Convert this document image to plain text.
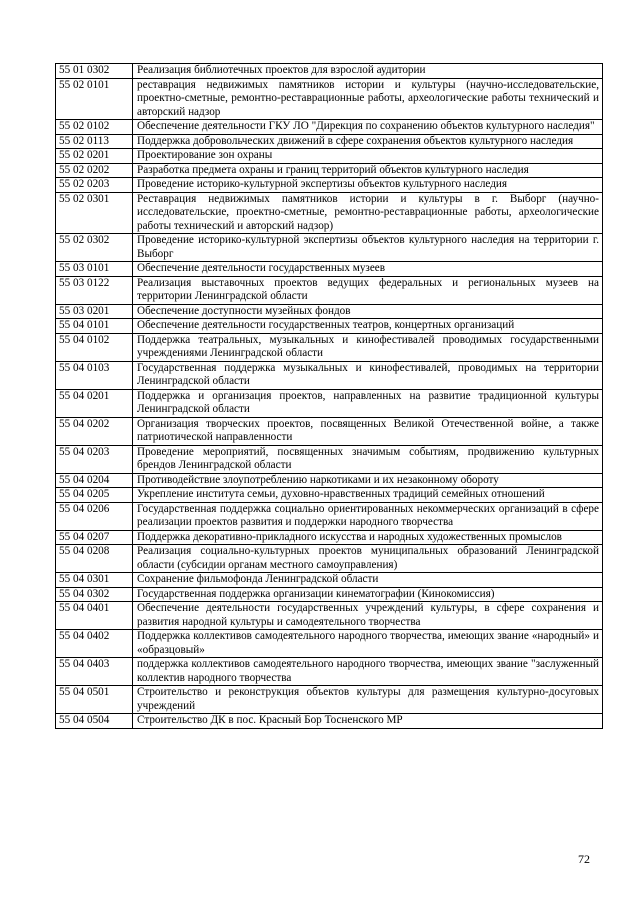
55 01 0302	Реализация библиотечных проектов для взрослой аудитории
55 02 0101	реставрация недвижимых памятников истории и культуры (научно-исследовательские, проектно-сметные, ремонтно-реставрационные работы, археологические работы технический и авторский надзор
55 02 0102	Обеспечение деятельности ГКУ ЛО "Дирекция по сохранению объектов культурного наследия"
55 02 0113	Поддержка добровольческих движений в сфере сохранения объектов культурного наследия
55 02 0201	Проектирование зон охраны
55 02 0202	Разработка предмета охраны и границ территорий объектов культурного наследия
55 02 0203	Проведение историко-культурной экспертизы объектов культурного наследия
55 02 0301	Реставрация недвижимых памятников истории и культуры в г. Выборг (научно-исследовательские, проектно-сметные, ремонтно-реставрационные работы, археологические работы технический и авторский надзор)
55 02 0302	Проведение историко-культурной экспертизы объектов культурного наследия на территории г. Выборг
55 03 0101	Обеспечение деятельности государственных музеев
55 03 0122	Реализация выставочных проектов ведущих федеральных и региональных музеев на территории Ленинградской области
55 03 0201	Обеспечение доступности музейных фондов
55 04 0101	Обеспечение деятельности государственных театров, концертных организаций
55 04 0102	Поддержка театральных, музыкальных и кинофестивалей проводимых государственными учреждениями Ленинградской области
55 04 0103	Государственная поддержка музыкальных и кинофестивалей, проводимых на территории Ленинградской области
55 04 0201	Поддержка и организация проектов, направленных на развитие традиционной культуры Ленинградской области
55 04 0202	Организация творческих проектов, посвященных Великой Отечественной войне, а также патриотической направленности
55 04 0203	Проведение мероприятий, посвященных значимым событиям, продвижению культурных брендов Ленинградской области
55 04 0204	Противодействие злоупотреблению наркотиками и их незаконному обороту
55 04 0205	Укрепление института семьи, духовно-нравственных традиций семейных отношений
55 04 0206	Государственная поддержка социально ориентированных некоммерческих организаций в сфере реализации проектов развития и поддержки народного творчества
55 04 0207	Поддержка декоративно-прикладного искусства и народных художественных промыслов
55 04 0208	Реализация социально-культурных проектов муниципальных образований Ленинградской области (субсидии органам местного самоуправления)
55 04 0301	Сохранение фильмофонда Ленинградской области
55 04 0302	Государственная поддержка организации кинематографии (Кинокомиссия)
55 04 0401	Обеспечение деятельности государственных учреждений культуры, в сфере сохранения и развития народной культуры и самодеятельного творчества
55 04 0402	Поддержка коллективов самодеятельного народного творчества, имеющих звание «народный» и «образцовый»
55 04 0403	поддержка коллективов самодеятельного народного творчества, имеющих звание "заслуженный коллектив народного творчества
55 04 0501	Строительство и реконструкция объектов культуры для размещения культурно-досуговых учреждений
55 04 0504	Строительство ДК в пос. Красный Бор Тосненского МР
72
